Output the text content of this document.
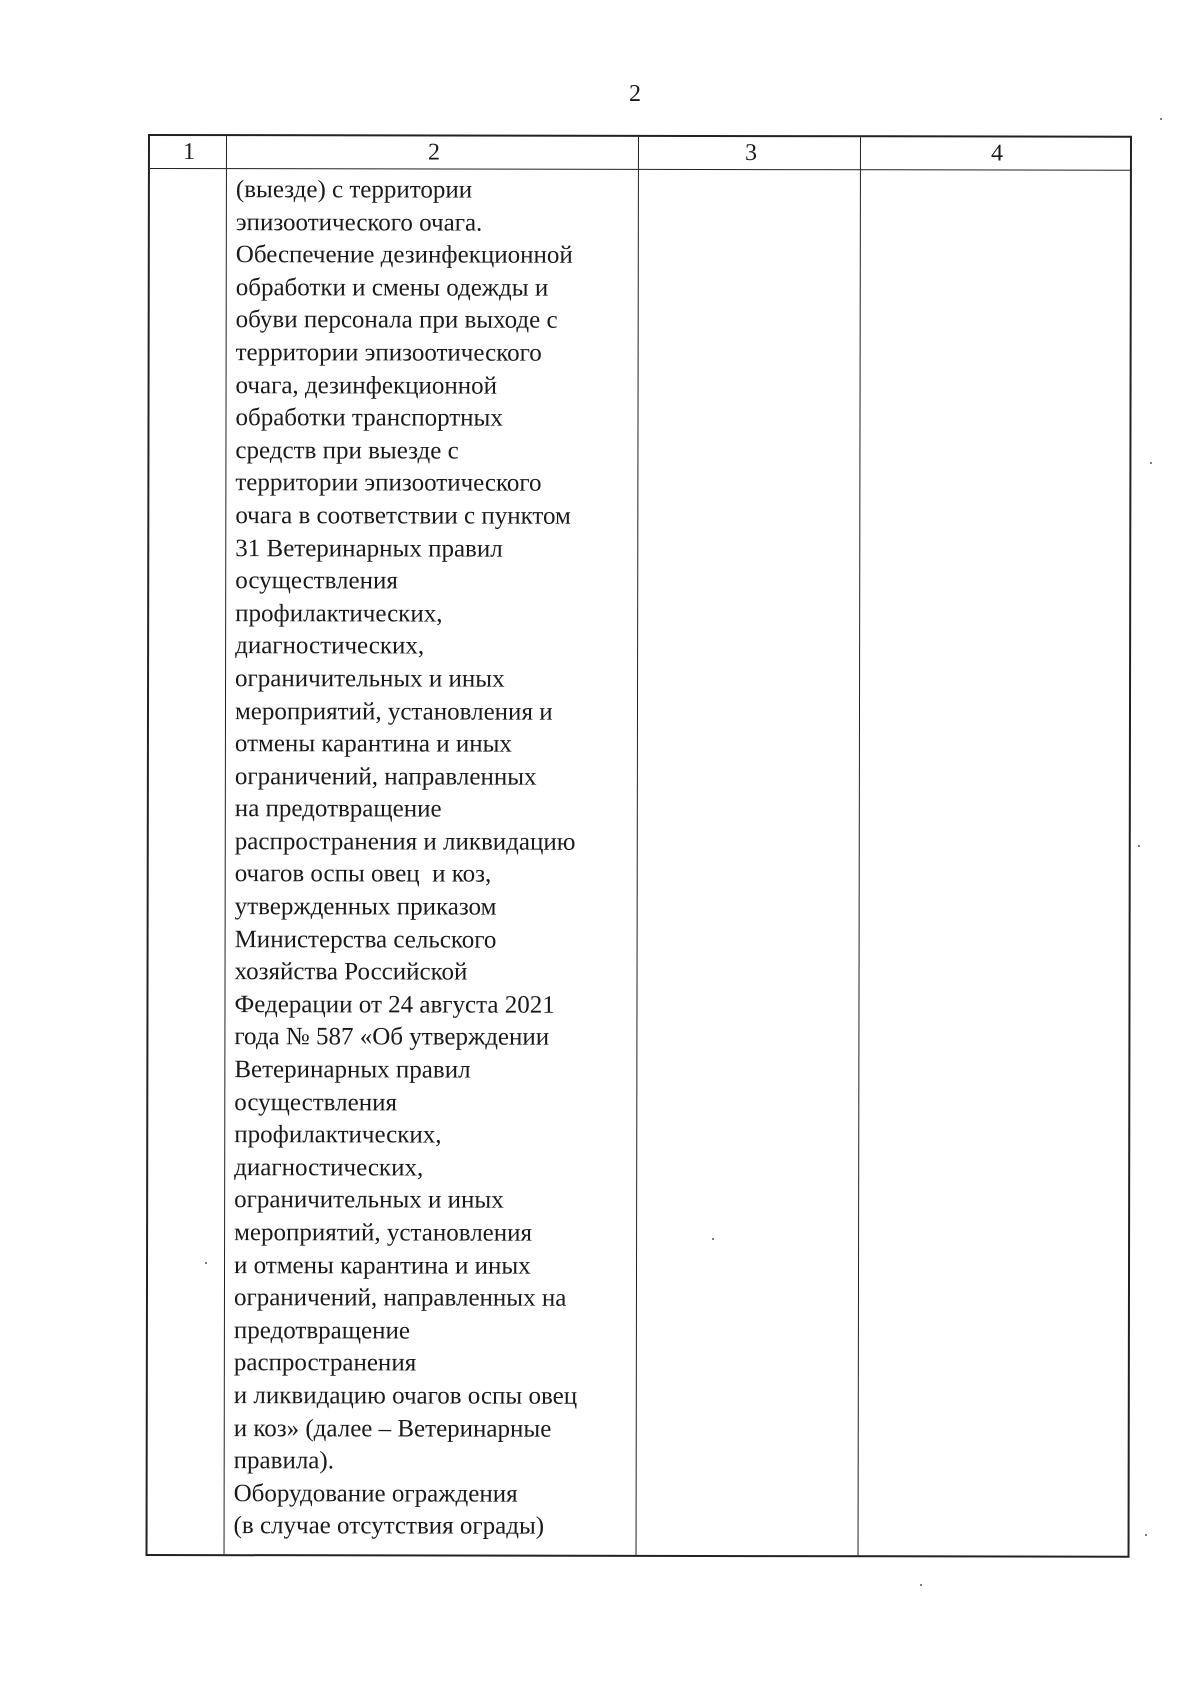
2
1	2	3	4
(выезде) с территории
эпизоотического очага.
Обеспечение дезинфекционной
обработки и смены одежды и
обуви персонала при выходе с
территории эпизоотического
очага, дезинфекционной
обработки транспортных
средств при выезде с
территории эпизоотического
очага в соответствии с пунктом
31 Ветеринарных правил
осуществления
профилактических,
диагностических,
ограничительных и иных
мероприятий, установления и
отмены карантина и иных
ограничений, направленных
на предотвращение
распространения и ликвидацию
очагов оспы овец  и коз,
утвержденных приказом
Министерства сельского
хозяйства Российской
Федерации от 24 августа 2021
года № 587 «Об утверждении
Ветеринарных правил
осуществления
профилактических,
диагностических,
ограничительных и иных
мероприятий, установления
и отмены карантина и иных
ограничений, направленных на
предотвращение
распространения
и ликвидацию очагов оспы овец
и коз» (далее – Ветеринарные
правила).
Оборудование ограждения
(в случае отсутствия ограды)
